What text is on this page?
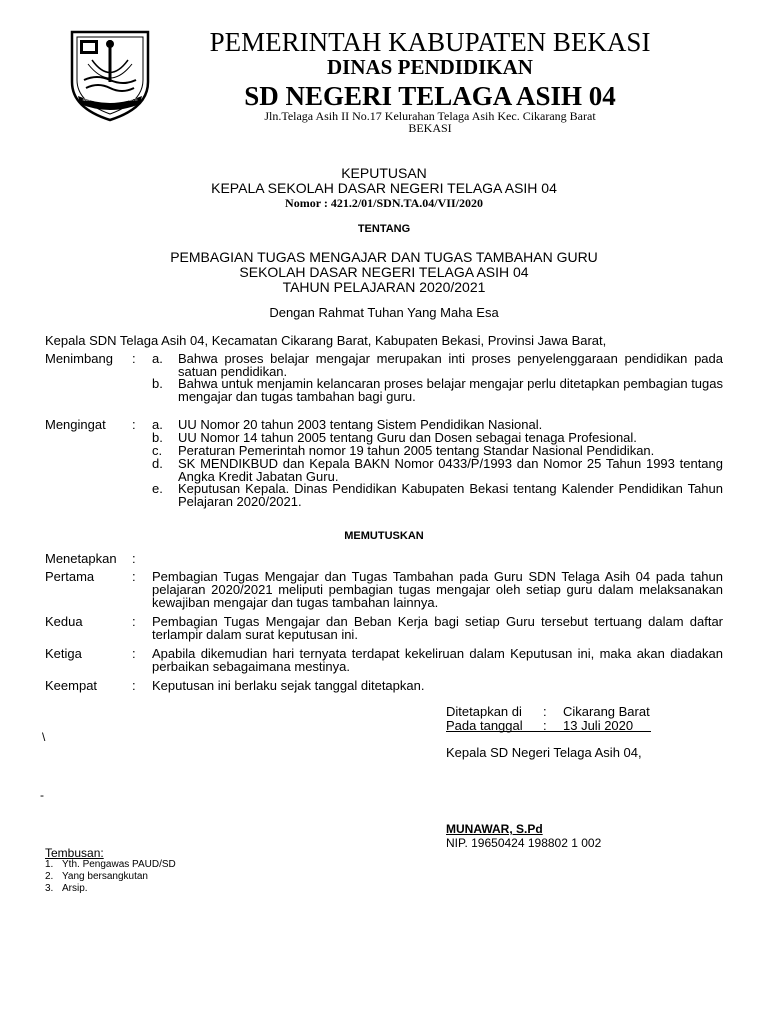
SWATANTRA WIBAWA MUKTI
PEMERINTAH KABUPATEN BEKASI
DINAS PENDIDIKAN
SD NEGERI TELAGA ASIH 04
Jln.Telaga Asih II No.17 Kelurahan Telaga Asih Kec. Cikarang Barat
BEKASI
KEPUTUSAN
KEPALA SEKOLAH DASAR NEGERI TELAGA ASIH 04
Nomor : 421.2/01/SDN.TA.04/VII/2020
TENTANG
PEMBAGIAN TUGAS MENGAJAR DAN TUGAS TAMBAHAN GURU
SEKOLAH DASAR NEGERI TELAGA ASIH 04
TAHUN PELAJARAN 2020/2021
Dengan Rahmat Tuhan Yang Maha Esa
Kepala SDN Telaga Asih 04, Kecamatan Cikarang Barat, Kabupaten Bekasi, Provinsi Jawa Barat,
Menimbang : a. Bahwa proses belajar mengajar merupakan inti proses penyelenggaraan pendidikan pada satuan pendidikan.
b. Bahwa untuk menjamin kelancaran proses belajar mengajar perlu ditetapkan pembagian tugas mengajar dan tugas tambahan bagi guru.
Mengingat : a. UU Nomor 20 tahun 2003 tentang Sistem Pendidikan Nasional.
b. UU Nomor 14 tahun 2005 tentang Guru dan Dosen sebagai tenaga Profesional.
c. Peraturan Pemerintah nomor 19 tahun 2005 tentang Standar Nasional Pendidikan.
d. SK MENDIKBUD dan Kepala BAKN Nomor 0433/P/1993 dan Nomor 25 Tahun 1993 tentang Angka Kredit Jabatan Guru.
e. Keputusan Kepala. Dinas Pendidikan Kabupaten Bekasi tentang Kalender Pendidikan Tahun Pelajaran 2020/2021.
MEMUTUSKAN
Menetapkan :
Pertama	: Pembagian Tugas Mengajar dan Tugas Tambahan pada Guru SDN Telaga Asih 04 pada tahun pelajaran 2020/2021 meliputi pembagian tugas mengajar oleh setiap guru dalam melaksanakan kewajiban mengajar dan tugas tambahan lainnya.
Kedua	: Pembagian Tugas Mengajar dan Beban Kerja bagi setiap Guru tersebut tertuang dalam daftar terlampir dalam surat keputusan ini.
Ketiga	: Apabila dikemudian hari ternyata terdapat kekeliruan dalam Keputusan ini, maka akan diadakan perbaikan sebagaimana mestinya.
Keempat	: Keputusan ini berlaku sejak tanggal ditetapkan.
Ditetapkan di : Cikarang Barat
Pada tanggal : 13 Juli 2020
Kepala SD Negeri Telaga Asih 04,
MUNAWAR, S.Pd
NIP. 19650424 198802 1 002
\
-
Tembusan:
1. Yth. Pengawas PAUD/SD
2. Yang bersangkutan
3. Arsip.
